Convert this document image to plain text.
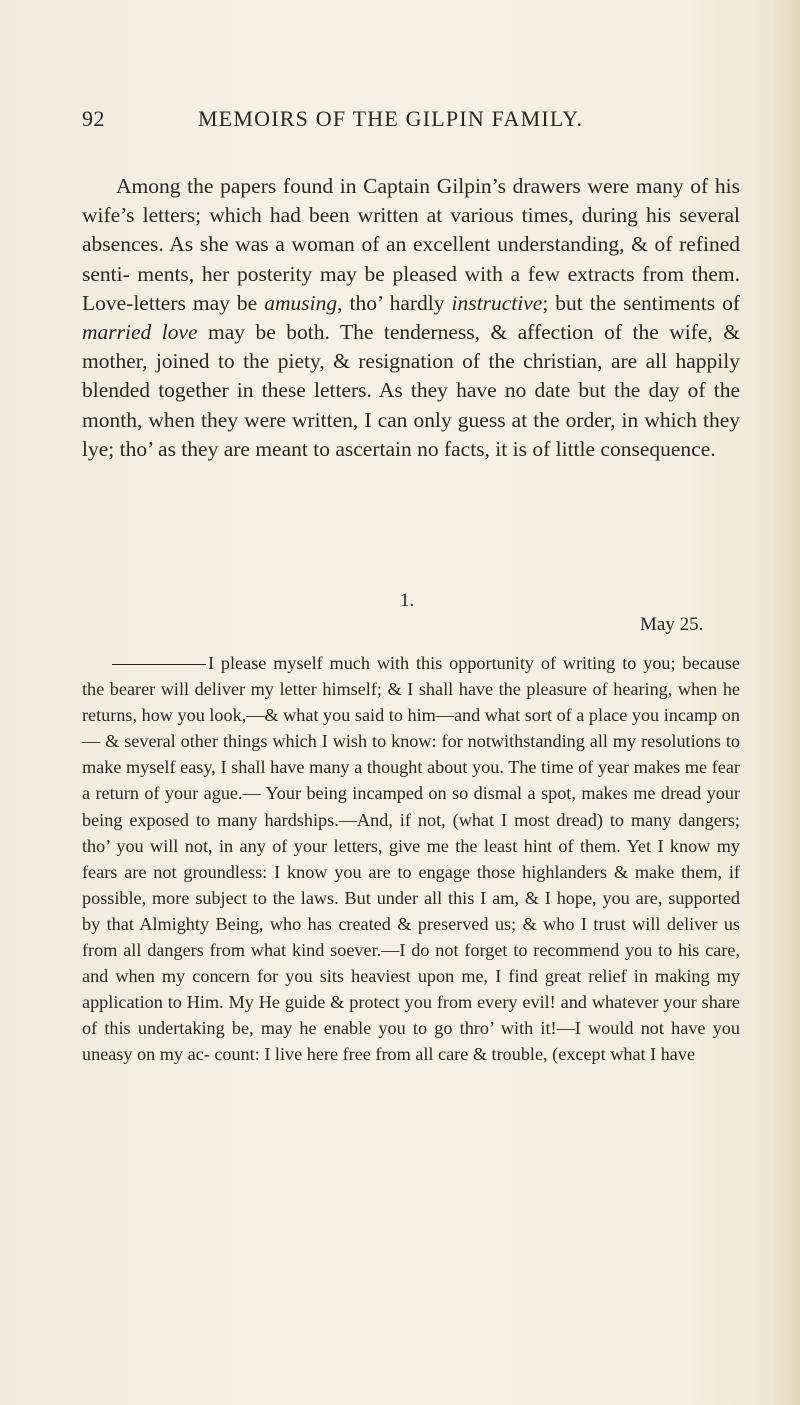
92	MEMOIRS OF THE GILPIN FAMILY.

Among the papers found in Captain Gilpin’s drawers were many of his wife’s letters; which had been written at various times, during his several absences. As she was a woman of an excellent understanding, & of refined senti- ments, her posterity may be pleased with a few extracts from them. Love-letters may be amusing, tho’ hardly instructive; but the sentiments of married love may be both. The tenderness, & affection of the wife, & mother, joined to the piety, & resignation of the christian, are all happily blended together in these letters. As they have no date but the day of the month, when they were written, I can only guess at the order, in which they lye; tho’ as they are meant to ascertain no facts, it is of little consequence.

1.
May 25.

I please myself much with this opportunity of writing to you; because the bearer will deliver my letter himself; & I shall have the pleasure of hearing, when he returns, how you look,—& what you said to him—and what sort of a place you incamp on— & several other things which I wish to know: for notwithstanding all my resolutions to make myself easy, I shall have many a thought about you. The time of year makes me fear a return of your ague.— Your being incamped on so dismal a spot, makes me dread your being exposed to many hardships.—And, if not, (what I most dread) to many dangers; tho’ you will not, in any of your letters, give me the least hint of them. Yet I know my fears are not groundless: I know you are to engage those highlanders & make them, if possible, more subject to the laws. But under all this I am, & I hope, you are, supported by that Almighty Being, who has created & preserved us; & who I trust will deliver us from all dangers from what kind soever.—I do not forget to recommend you to his care, and when my concern for you sits heaviest upon me, I find great relief in making my application to Him. My He guide & protect you from every evil! and whatever your share of this undertaking be, may he enable you to go thro’ with it!—I would not have you uneasy on my ac- count: I live here free from all care & trouble, (except what I have
